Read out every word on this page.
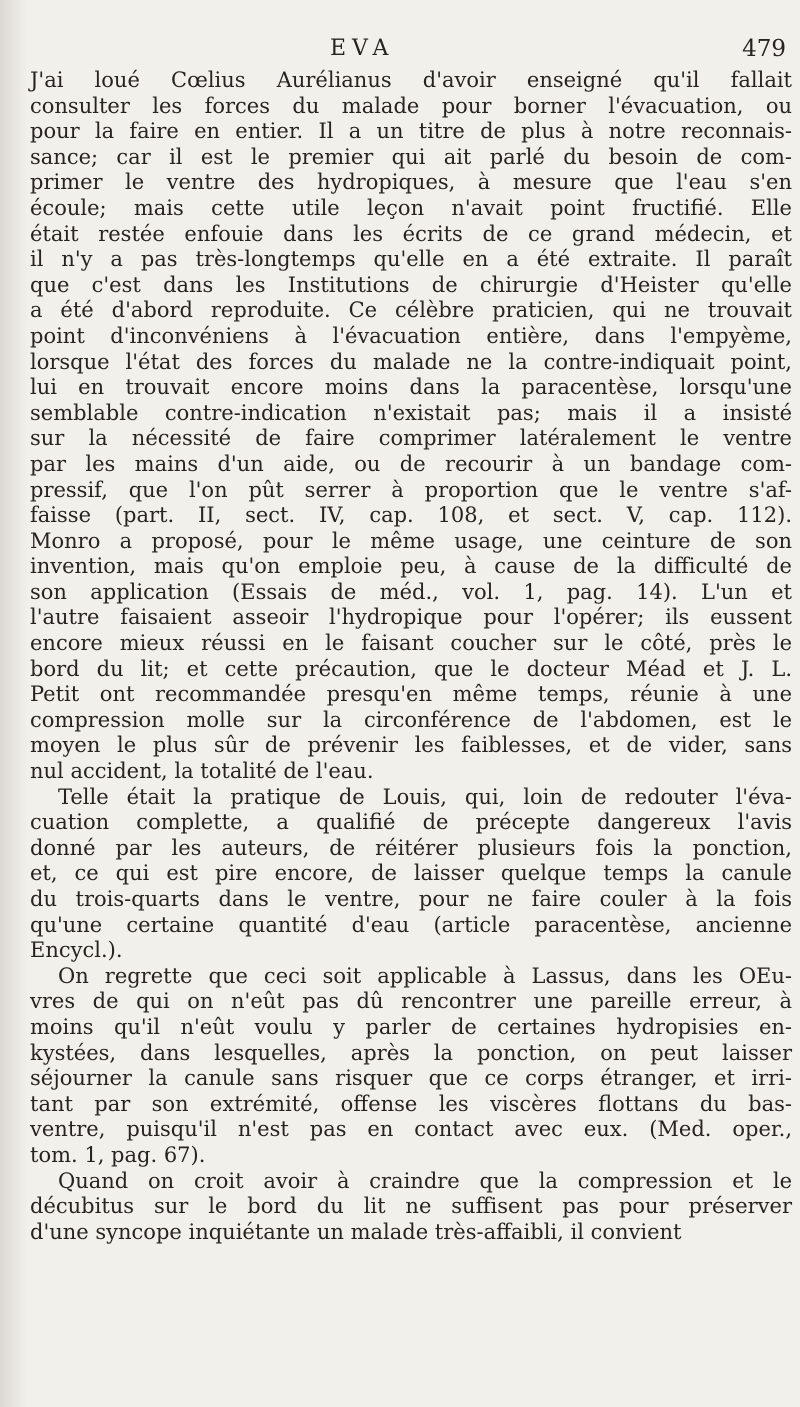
EVA	479
J'ai loué Cœlius Aurélianus d'avoir enseigné qu'il fallait
consulter les forces du malade pour borner l'évacuation, ou
pour la faire en entier. Il a un titre de plus à notre reconnais-
sance; car il est le premier qui ait parlé du besoin de com-
primer le ventre des hydropiques, à mesure que l'eau s'en
écoule; mais cette utile leçon n'avait point fructifié. Elle
était restée enfouie dans les écrits de ce grand médecin, et
il n'y a pas très-longtemps qu'elle en a été extraite. Il paraît
que c'est dans les Institutions de chirurgie d'Heister qu'elle
a été d'abord reproduite. Ce célèbre praticien, qui ne trouvait
point d'inconvéniens à l'évacuation entière, dans l'empyème,
lorsque l'état des forces du malade ne la contre-indiquait point,
lui en trouvait encore moins dans la paracentèse, lorsqu'une
semblable contre-indication n'existait pas; mais il a insisté
sur la nécessité de faire comprimer latéralement le ventre
par les mains d'un aide, ou de recourir à un bandage com-
pressif, que l'on pût serrer à proportion que le ventre s'af-
faisse (part. II, sect. IV, cap. 108, et sect. V, cap. 112).
Monro a proposé, pour le même usage, une ceinture de son
invention, mais qu'on emploie peu, à cause de la difficulté de
son application (Essais de méd., vol. 1, pag. 14). L'un et
l'autre faisaient asseoir l'hydropique pour l'opérer; ils eussent
encore mieux réussi en le faisant coucher sur le côté, près le
bord du lit; et cette précaution, que le docteur Méad et J. L.
Petit ont recommandée presqu'en même temps, réunie à une
compression molle sur la circonférence de l'abdomen, est le
moyen le plus sûr de prévenir les faiblesses, et de vider, sans
nul accident, la totalité de l'eau.
Telle était la pratique de Louis, qui, loin de redouter l'éva-
cuation complette, a qualifié de précepte dangereux l'avis
donné par les auteurs, de réitérer plusieurs fois la ponction,
et, ce qui est pire encore, de laisser quelque temps la canule
du trois-quarts dans le ventre, pour ne faire couler à la fois
qu'une certaine quantité d'eau (article paracentèse, ancienne
Encycl.).
On regrette que ceci soit applicable à Lassus, dans les OEu-
vres de qui on n'eût pas dû rencontrer une pareille erreur, à
moins qu'il n'eût voulu y parler de certaines hydropisies en-
kystées, dans lesquelles, après la ponction, on peut laisser
séjourner la canule sans risquer que ce corps étranger, et irri-
tant par son extrémité, offense les viscères flottans du bas-
ventre, puisqu'il n'est pas en contact avec eux. (Med. oper.,
tom. 1, pag. 67).
Quand on croit avoir à craindre que la compression et le
décubitus sur le bord du lit ne suffisent pas pour préserver
d'une syncope inquiétante un malade très-affaibli, il convient
